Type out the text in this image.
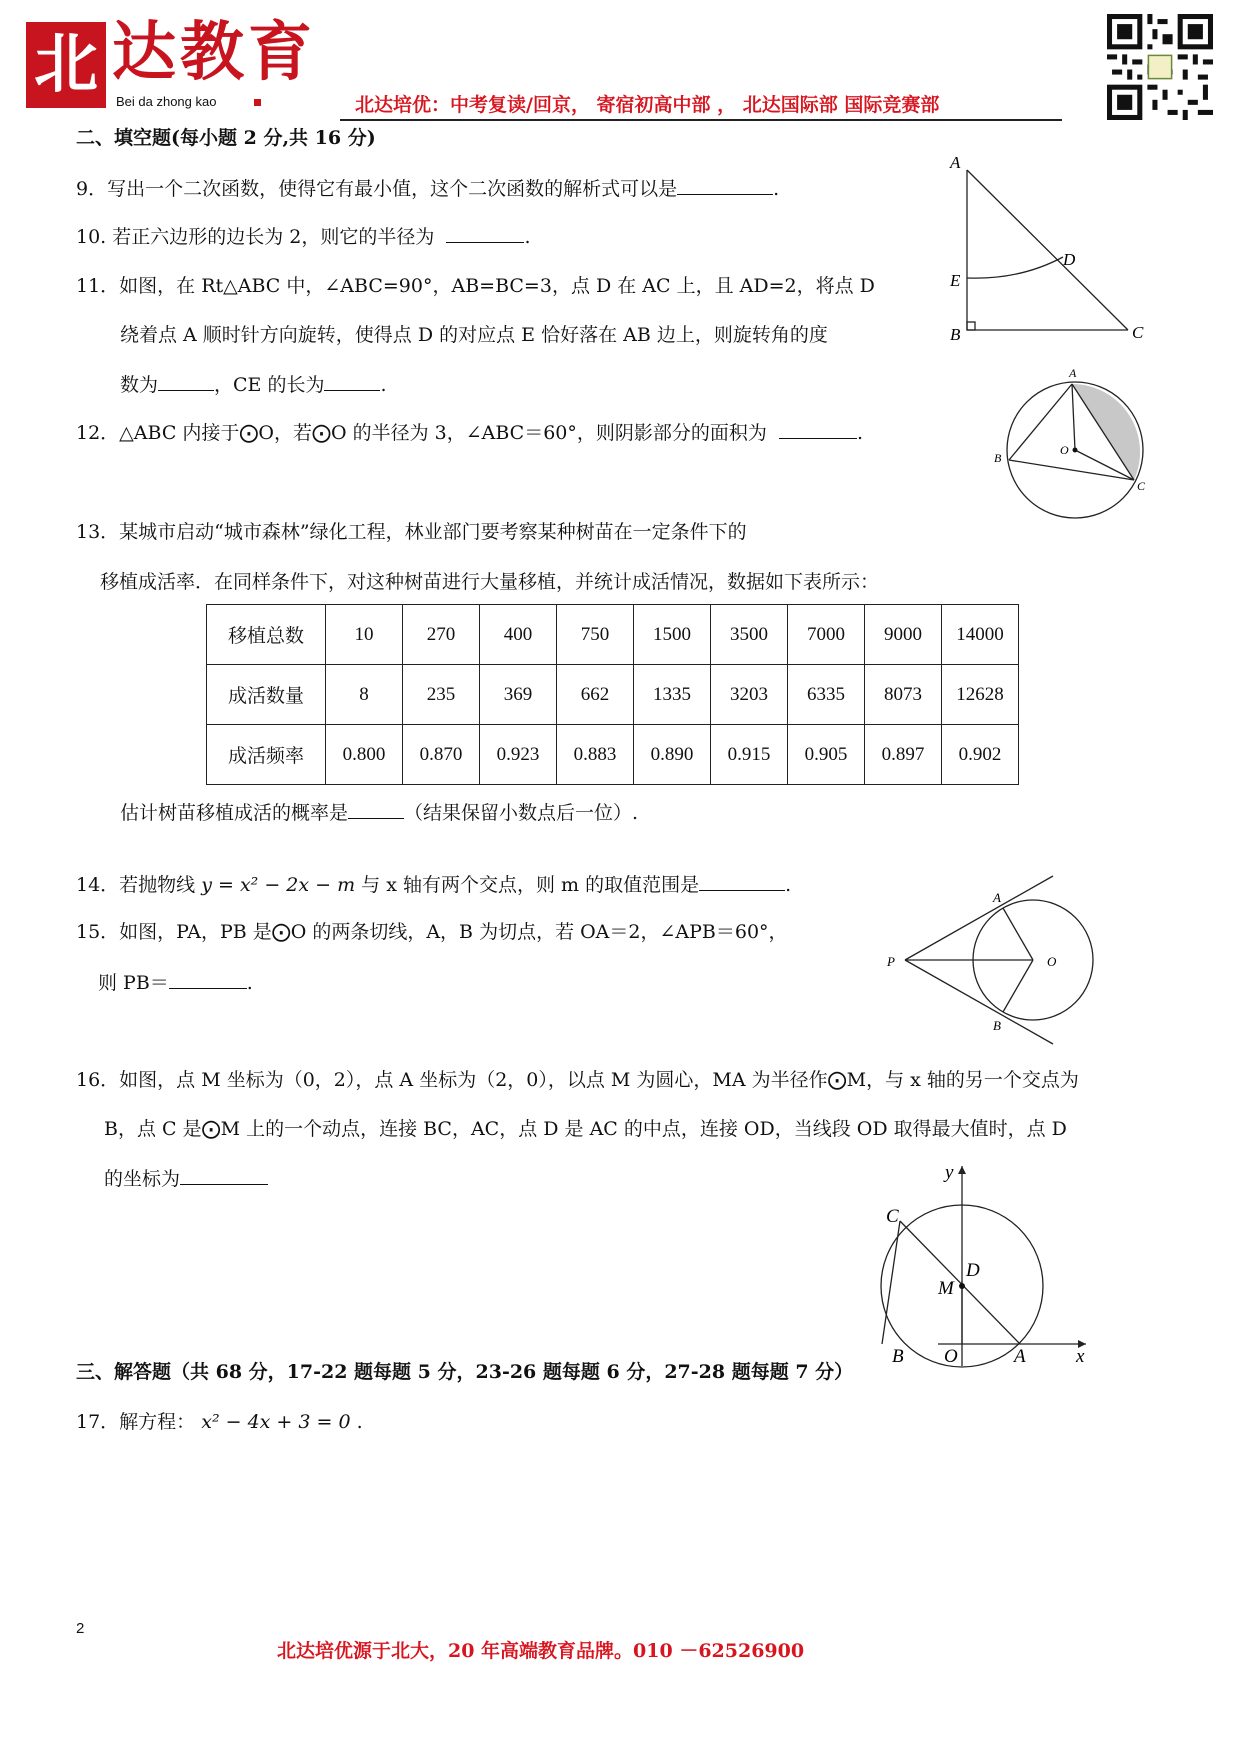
北 达教育
Bei da zhong kao	北达培优：中考复读/回京， 寄宿初高中部 ， 北达国际部 国际竞赛部
二、填空题(每小题 2 分,共 16 分)
9．写出一个二次函数，使得它有最小值，这个二次函数的解析式可以是	.
10. 若正六边形的边长为 2，则它的半径为	.
11．如图，在 Rt△ABC 中，∠ABC=90°，AB=BC=3，点 D 在 AC 上，且 AD=2，将点 D
绕着点 A 顺时针方向旋转，使得点 D 的对应点 E 恰好落在 AB 边上，则旋转角的度
数为	，CE 的长为	.
12．△ABC 内接于⨀O，若⨀O 的半径为 3，∠ABC＝60°，则阴影部分的面积为	.
13．某城市启动“城市森林”绿化工程，林业部门要考察某种树苗在一定条件下的
移植成活率．在同样条件下，对这种树苗进行大量移植，并统计成活情况，数据如下表所示：
移植总数	10	270	400	750	1500	3500	7000	9000	14000
成活数量	8	235	369	662	1335	3203	6335	8073	12628
成活频率	0.800	0.870	0.923	0.883	0.890	0.915	0.905	0.897	0.902
估计树苗移植成活的概率是	（结果保留小数点后一位）.
14．若抛物线 y = x² − 2x − m 与 x 轴有两个交点，则 m 的取值范围是	.
15．如图，PA，PB 是⨀O 的两条切线，A，B 为切点，若 OA＝2，∠APB＝60°，
则 PB＝	.
16．如图，点 M 坐标为（0，2），点 A 坐标为（2，0），以点 M 为圆心，MA 为半径作⨀M，与 x 轴的另一个交点为
B，点 C 是⨀M 上的一个动点，连接 BC，AC，点 D 是 AC 的中点，连接 OD，当线段 OD 取得最大值时，点 D
的坐标为
三、解答题（共 68 分，17-22 题每题 5 分，23-26 题每题 6 分，27-28 题每题 7 分）
17．解方程： x² − 4x + 3 = 0 .
A
D
E
B	C
A
B
C
O
P
A
B
O
y
x
C
D
M
B O	A
2
北达培优源于北大，20 年高端教育品牌。010 －62526900
